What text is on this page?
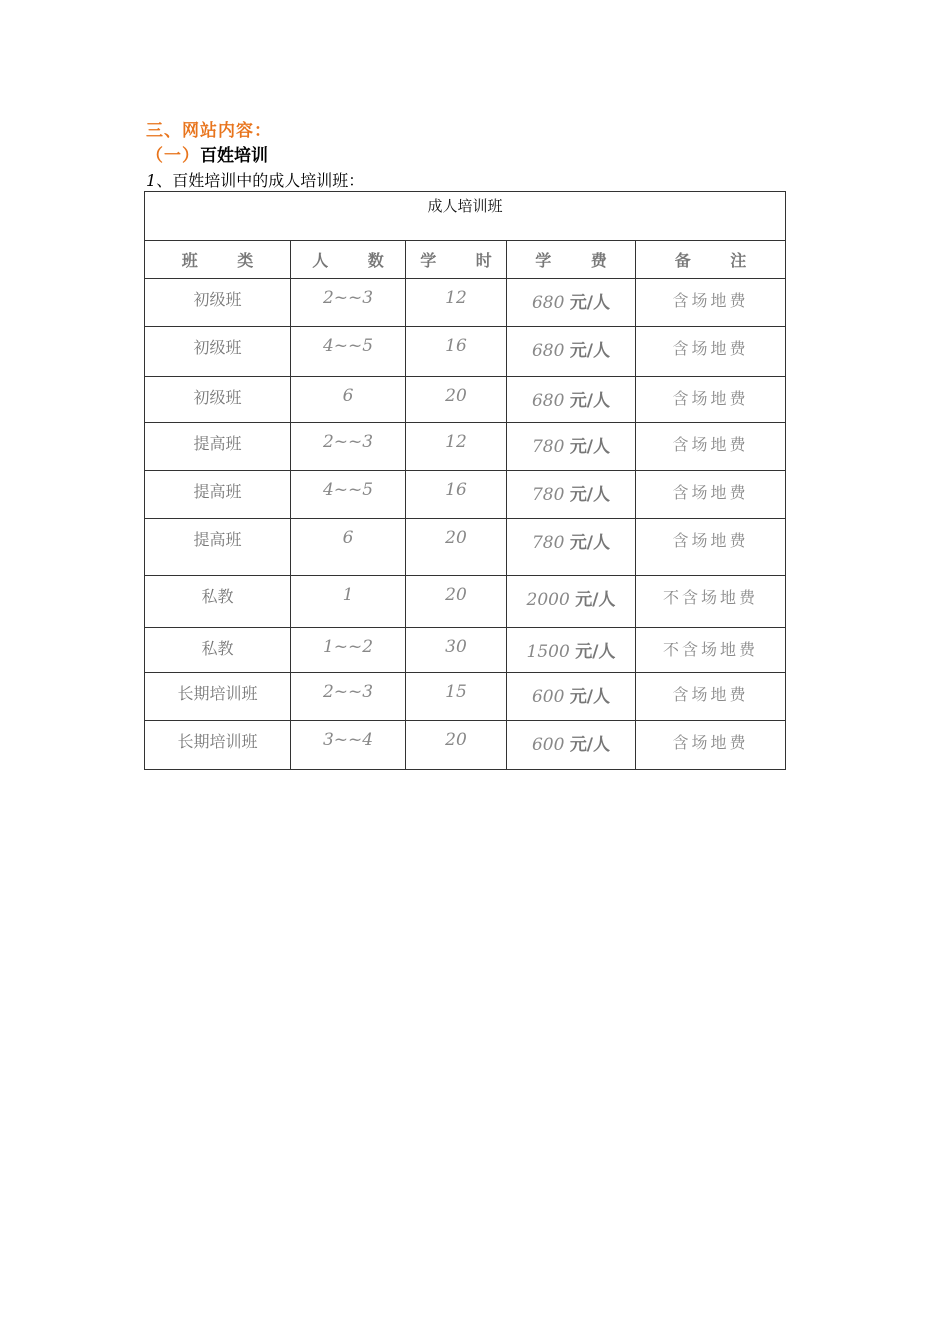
三、网站内容：
（一）百姓培训

1、百姓培训中的成人培训班：

成人培训班				
班 类	人 数	学 时	学 费	备 注
初级班	2~~3	12	680 元/人	含场地费
初级班	4~~5	16	680 元/人	含场地费
初级班	6	20	680 元/人	含场地费
提高班	2~~3	12	780 元/人	含场地费
提高班	4~~5	16	780 元/人	含场地费
提高班	6	20	780 元/人	含场地费
私教	1	20	2000 元/人	不含场地费
私教	1~~2	30	1500 元/人	不含场地费
长期培训班	2~~3	15	600 元/人	含场地费
长期培训班	3~~4	20	600 元/人	含场地费
